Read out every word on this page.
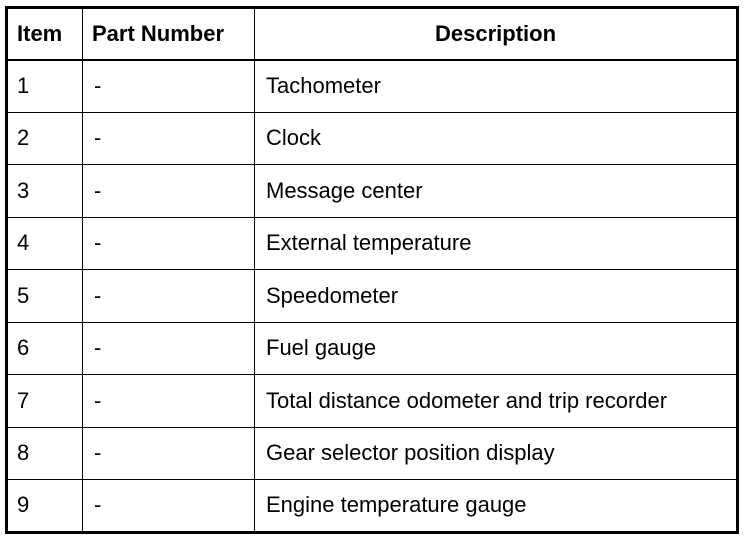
Item	Part Number	Description
1	-	Tachometer
2	-	Clock
3	-	Message center
4	-	External temperature
5	-	Speedometer
6	-	Fuel gauge
7	-	Total distance odometer and trip recorder
8	-	Gear selector position display
9	-	Engine temperature gauge
